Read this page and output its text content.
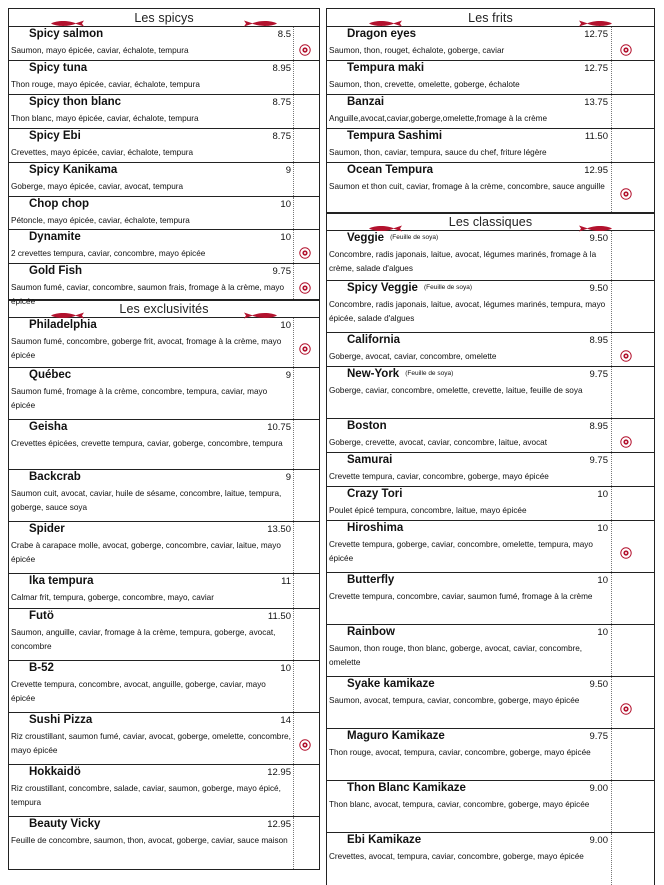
Les spicys
Spicy salmon	8.5
Saumon, mayo épicée, caviar, échalote, tempura
Spicy tuna	8.95
Thon rouge, mayo épicée, caviar, échalote, tempura
Spicy thon blanc	8.75
Thon blanc, mayo épicée, caviar, échalote, tempura
Spicy Ebi	8.75
Crevettes, mayo épicée, caviar, échalote, tempura
Spicy Kanikama	9
Goberge, mayo épicée, caviar, avocat, tempura
Chop chop	10
Pétoncle, mayo épicée, caviar, échalote, tempura
Dynamite	10
2 crevettes tempura, caviar, concombre, mayo épicée
Gold Fish	9.75
Saumon fumé, caviar, concombre, saumon frais, fromage à la crème, mayo épicée
Les exclusivités
Philadelphia	10
Saumon fumé, concombre, goberge frit, avocat, fromage à la crème, mayo épicée
Québec	9
Saumon fumé, fromage à la crème, concombre, tempura, caviar, mayo épicée
Geisha	10.75
Crevettes épicées, crevette tempura, caviar, goberge, concombre, tempura
Backcrab	9
Saumon cuit, avocat, caviar, huile de sésame, concombre, laitue, tempura, goberge, sauce soya
Spider	13.50
Crabe à carapace molle, avocat, goberge, concombre, caviar, laitue, mayo épicée
Ika tempura	11
Calmar frit, tempura, goberge, concombre, mayo, caviar
Futö	11.50
Saumon, anguille, caviar, fromage à la crème, tempura, goberge, avocat, concombre
B-52	10
Crevette tempura, concombre, avocat, anguille, goberge, caviar, mayo épicée
Sushi Pizza	14
Riz croustillant, saumon fumé, caviar, avocat, goberge, omelette, concombre, mayo épicée
Hokkaidö	12.95
Riz croustillant, concombre, salade, caviar, saumon, goberge, mayo épicé, tempura
Beauty Vicky	12.95
Feuille de concombre, saumon, thon, avocat, goberge, caviar, sauce maison
Les frits
Dragon eyes	12.75
Saumon, thon, rouget, échalote, goberge, caviar
Tempura maki	12.75
Saumon, thon, crevette, omelette, goberge, échalote
Banzai	13.75
Anguille,avocat,caviar,goberge,omelette,fromage à la crème
Tempura Sashimi	11.50
Saumon, thon, caviar, tempura, sauce du chef, friture légère
Ocean Tempura	12.95
Saumon et thon cuit, caviar, fromage à la crème, concombre, sauce anguille
Les classiques
Veggie (Feuille de soya)	9.50
Concombre, radis japonais, laitue, avocat, légumes marinés, fromage à la crème, salade d'algues
Spicy Veggie (Feuille de soya)	9.50
Concombre, radis japonais, laitue, avocat, légumes marinés, tempura, mayo épicée, salade d'algues
California	8.95
Goberge, avocat, caviar, concombre, omelette
New-York (Feuille de soya)	9.75
Goberge, caviar, concombre, omelette, crevette, laitue, feuille de soya
Boston	8.95
Goberge, crevette, avocat, caviar, concombre, laitue, avocat
Samurai	9.75
Crevette tempura, caviar, concombre, goberge, mayo épicée
Crazy Tori	10
Poulet épicé tempura, concombre, laitue, mayo épicée
Hiroshima	10
Crevette tempura, goberge, caviar, concombre, omelette, tempura, mayo épicée
Butterfly	10
Crevette tempura, concombre, caviar, saumon fumé, fromage à la crème
Rainbow	10
Saumon, thon rouge, thon blanc, goberge, avocat, caviar, concombre, omelette
Syake kamikaze	9.50
Saumon, avocat, tempura, caviar, concombre, goberge, mayo épicée
Maguro Kamikaze	9.75
Thon rouge, avocat, tempura, caviar, concombre, goberge, mayo épicée
Thon Blanc Kamikaze	9.00
Thon blanc, avocat, tempura, caviar, concombre, goberge, mayo épicée
Ebi Kamikaze	9.00
Crevettes, avocat, tempura, caviar, concombre, goberge, mayo épicée
